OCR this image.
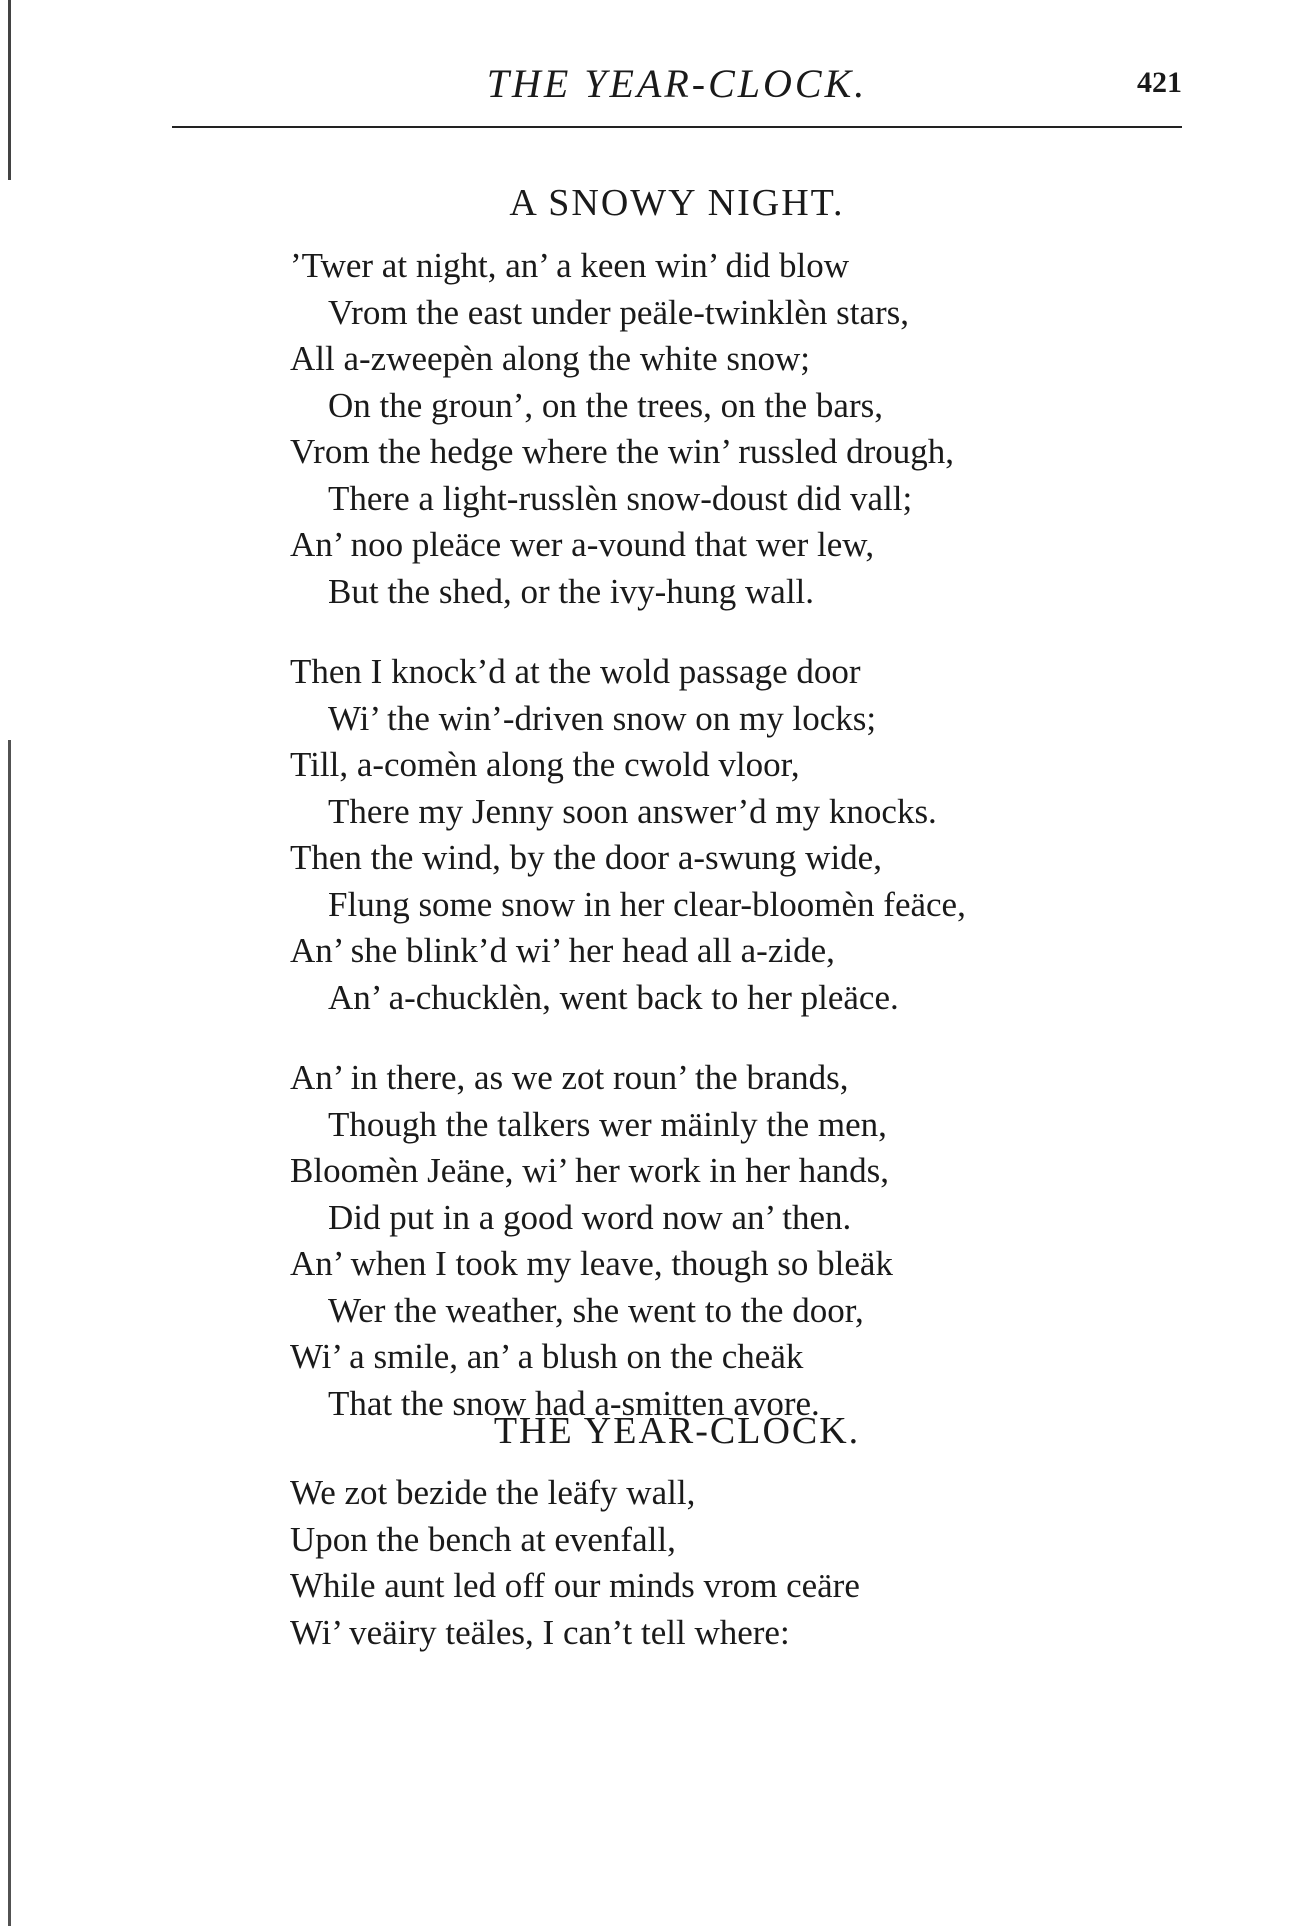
THE YEAR-CLOCK.	421
A SNOWY NIGHT.
’Twer at night, an’ a keen win’ did blow
Vrom the east under peäle-twinklèn stars,
All a-zweepèn along the white snow;
On the groun’, on the trees, on the bars,
Vrom the hedge where the win’ russled drough,
There a light-russlèn snow-doust did vall;
An’ noo pleäce wer a-vound that wer lew,
But the shed, or the ivy-hung wall.
Then I knock’d at the wold passage door
Wi’ the win’-driven snow on my locks;
Till, a-comèn along the cwold vloor,
There my Jenny soon answer’d my knocks.
Then the wind, by the door a-swung wide,
Flung some snow in her clear-bloomèn feäce,
An’ she blink’d wi’ her head all a-zide,
An’ a-chucklèn, went back to her pleäce.
An’ in there, as we zot roun’ the brands,
Though the talkers wer mäinly the men,
Bloomèn Jeäne, wi’ her work in her hands,
Did put in a good word now an’ then.
An’ when I took my leave, though so bleäk
Wer the weather, she went to the door,
Wi’ a smile, an’ a blush on the cheäk
That the snow had a-smitten avore.
THE YEAR-CLOCK.
We zot bezide the leäfy wall,
Upon the bench at evenfall,
While aunt led off our minds vrom ceäre
Wi’ veäiry teäles, I can’t tell where:
